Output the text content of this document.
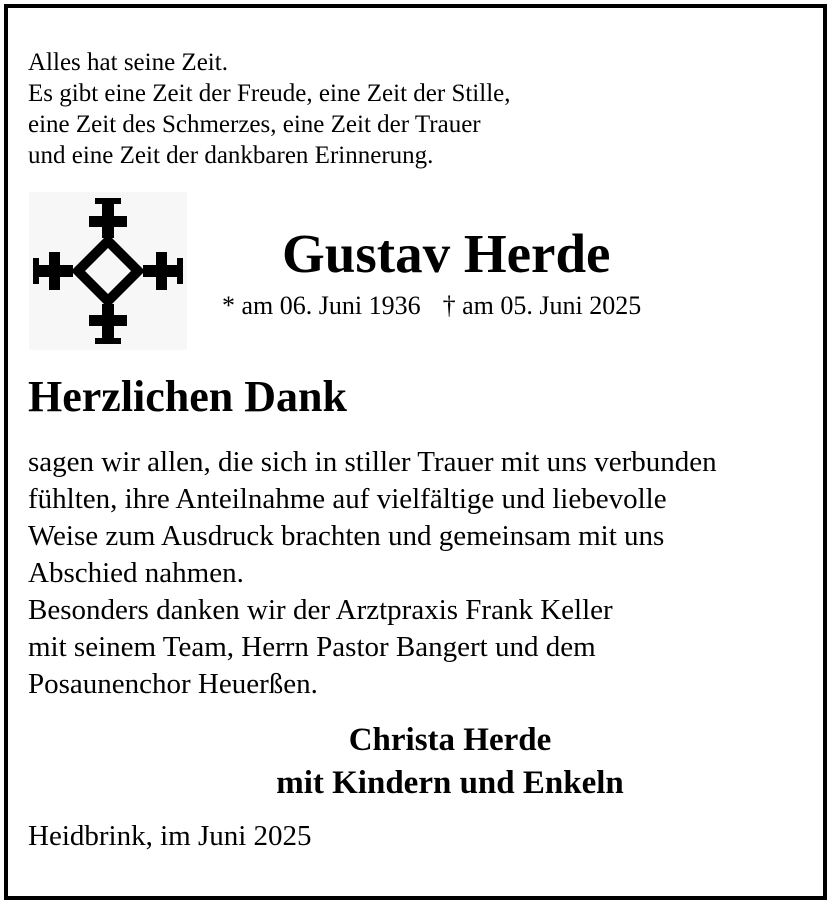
Alles hat seine Zeit.
Es gibt eine Zeit der Freude, eine Zeit der Stille,
eine Zeit des Schmerzes, eine Zeit der Trauer
und eine Zeit der dankbaren Erinnerung.
Gustav Herde
* am 06. Juni 1936 † am 05. Juni 2025
Herzlichen Dank
sagen wir allen, die sich in stiller Trauer mit uns verbunden
fühlten, ihre Anteilnahme auf vielfältige und liebevolle
Weise zum Ausdruck brachten und gemeinsam mit uns
Abschied nahmen.
Besonders danken wir der Arztpraxis Frank Keller
mit seinem Team, Herrn Pastor Bangert und dem
Posaunenchor Heuerßen.
Christa Herde
mit Kindern und Enkeln
Heidbrink, im Juni 2025
